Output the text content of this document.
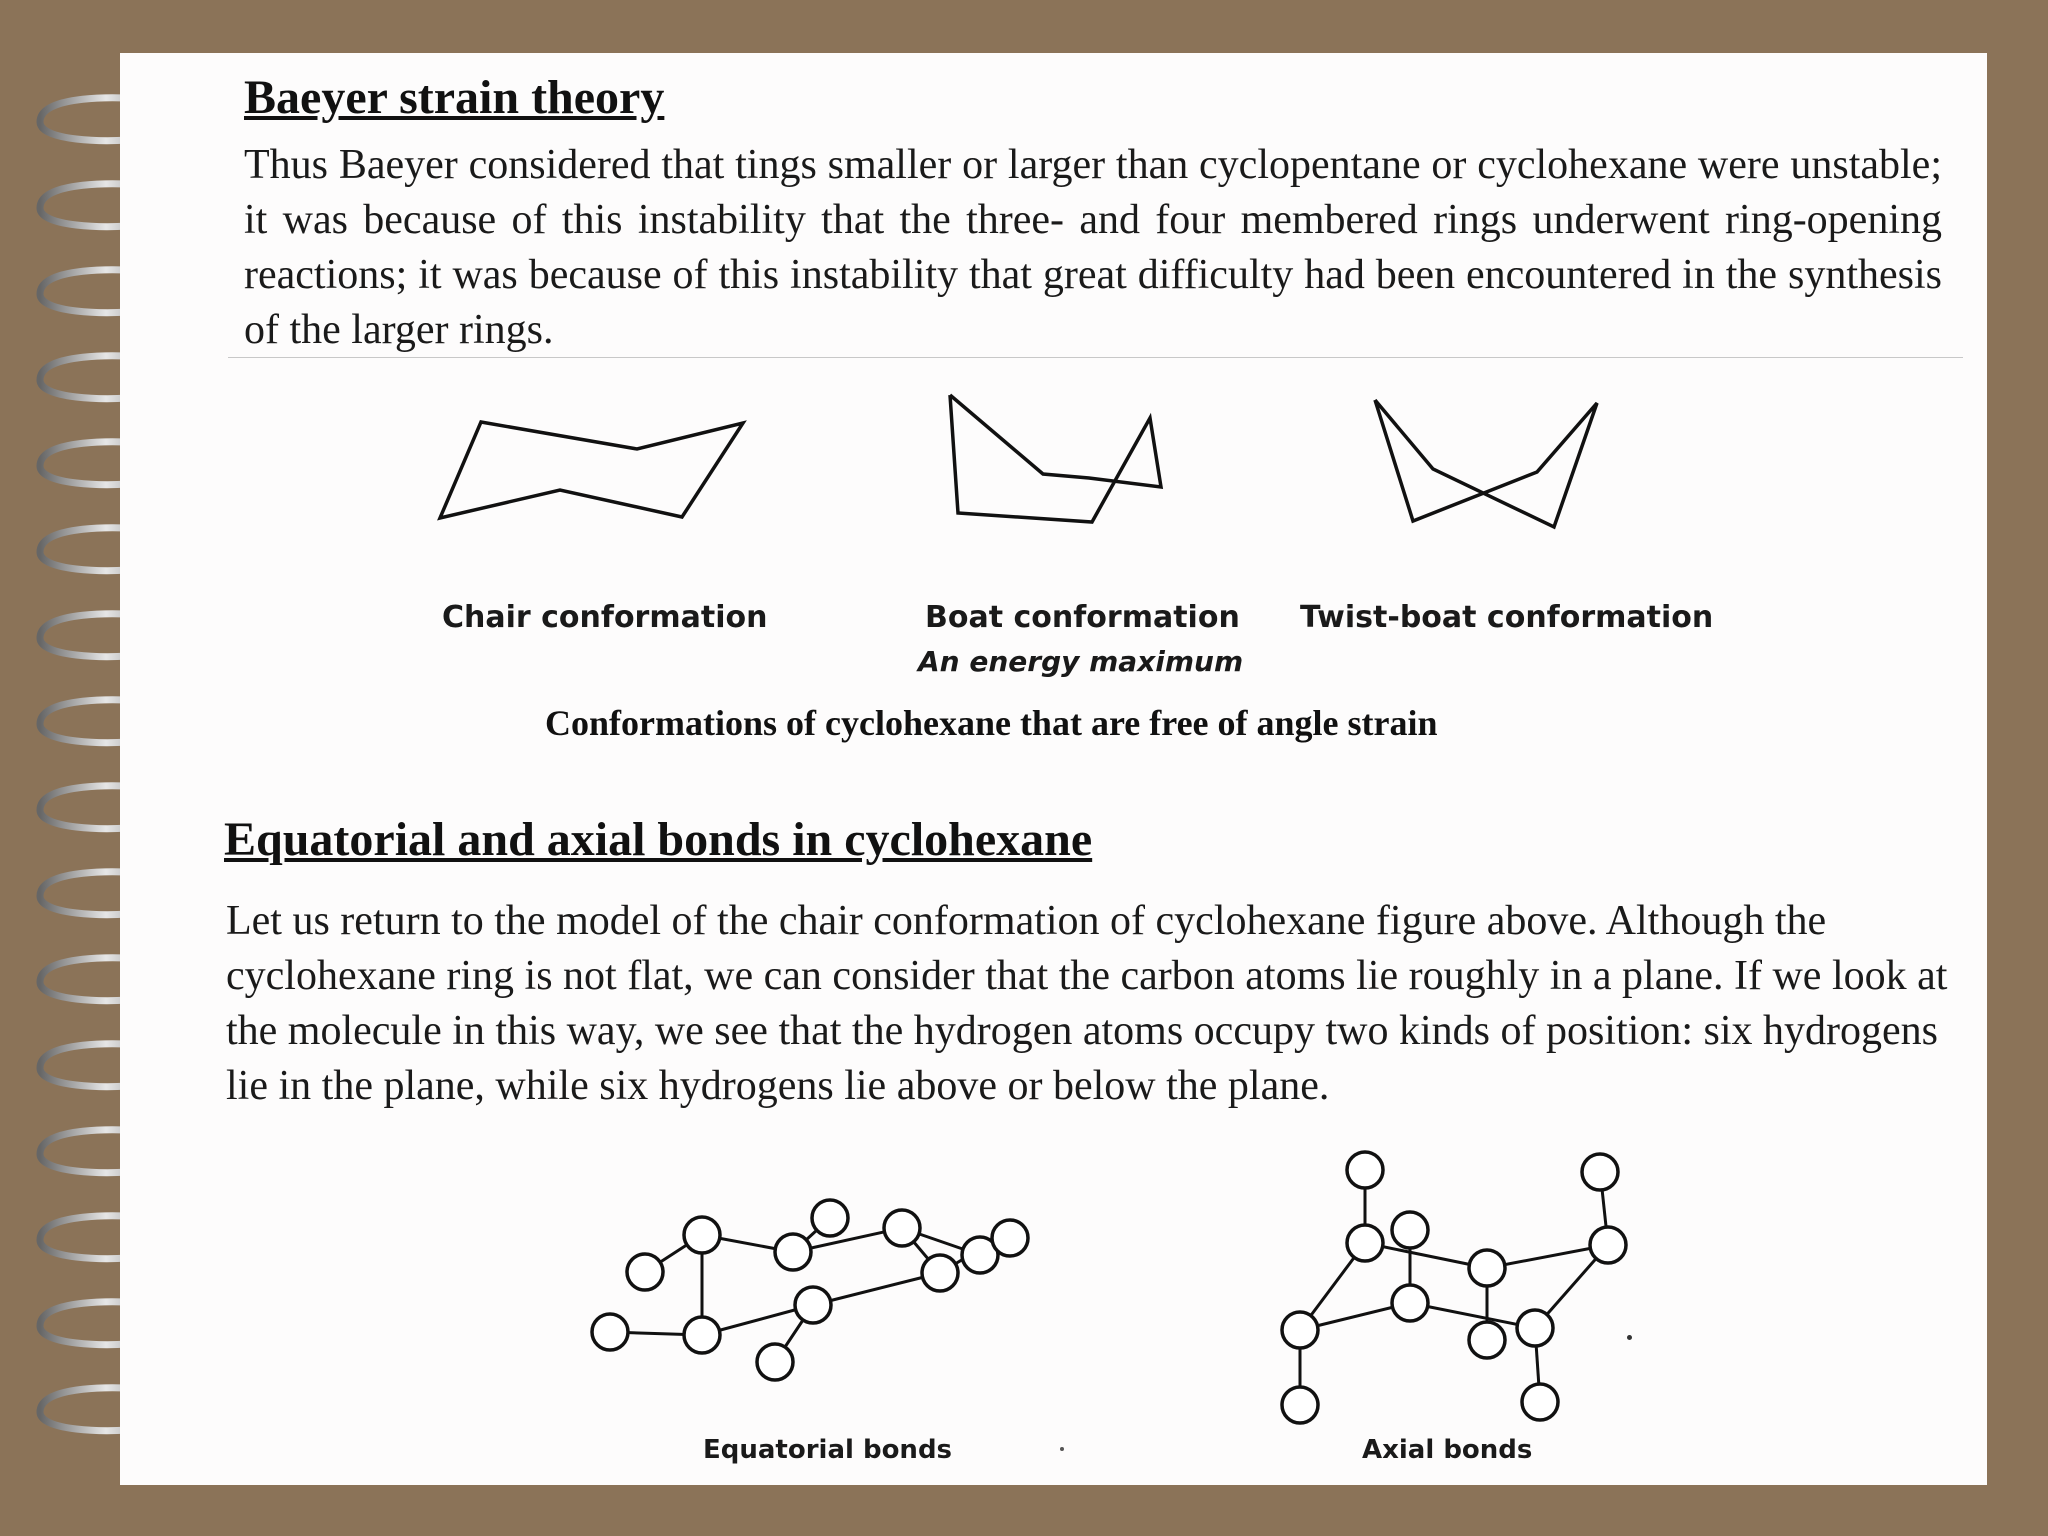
Baeyer strain theory

Thus Baeyer considered that tings smaller or larger than cyclopentane or cyclohexane were unstable; it was because of this instability that the three- and four membered rings underwent ring-opening reactions; it was because of this instability that great difficulty had been encountered in the synthesis of the larger rings.

Chair conformation	Boat conformation
An energy maximum
Twist-boat conformation
Conformations of cyclohexane that are free of angle strain
Equatorial and axial bonds in cyclohexane

Let us return to the model of the chair conformation of cyclohexane figure above. Although the cyclohexane ring is not flat, we can consider that the carbon atoms lie roughly in a plane. If we look at the molecule in this way, we see that the hydrogen atoms occupy two kinds of position: six hydrogens lie in the plane, while six hydrogens lie above or below the plane.

Equatorial bonds	Axial bonds
